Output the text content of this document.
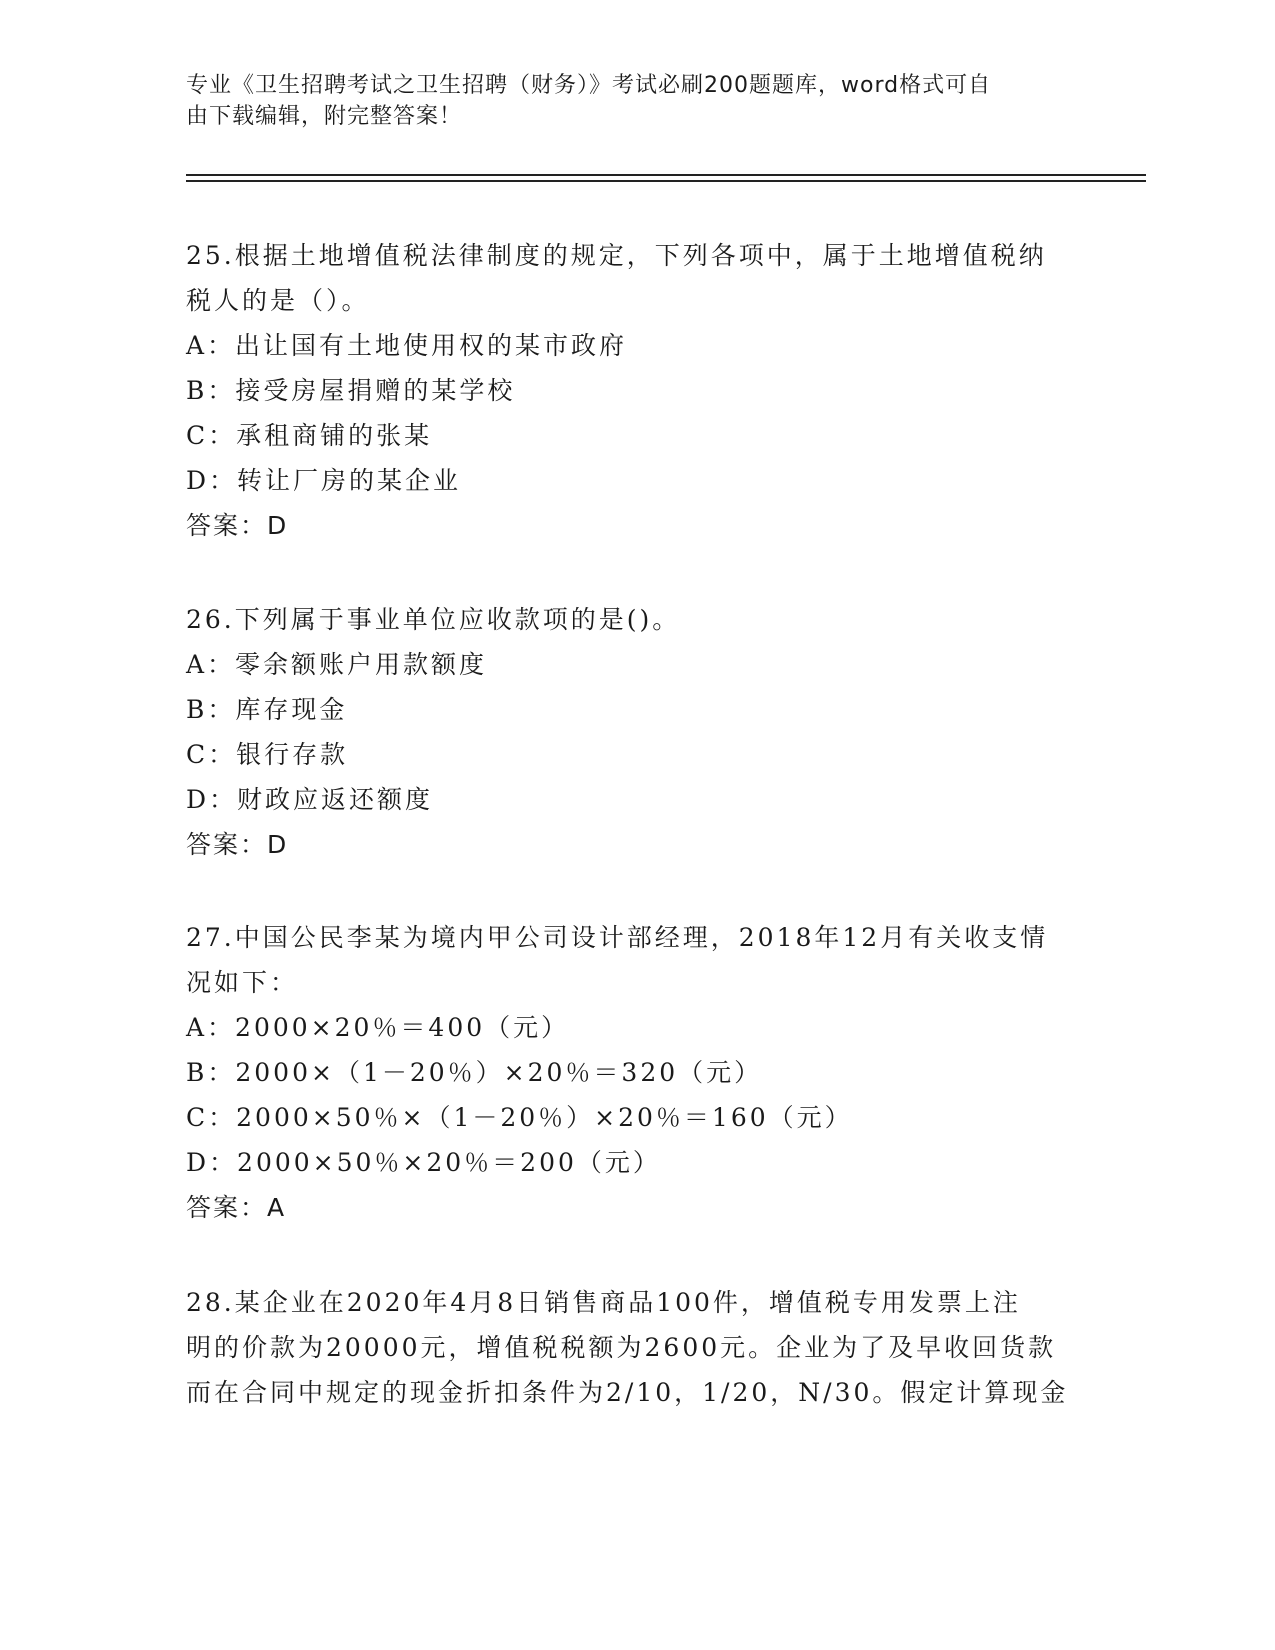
专业《卫生招聘考试之卫生招聘（财务）》考试必刷200题题库，word格式可自
由下载编辑，附完整答案！
25.根据土地增值税法律制度的规定，下列各项中，属于土地增值税纳
税人的是（）。
A：出让国有土地使用权的某市政府
B：接受房屋捐赠的某学校
C：承租商铺的张某
D：转让厂房的某企业
答案：D
26.下列属于事业单位应收款项的是()。
A：零余额账户用款额度
B：库存现金
C：银行存款
D：财政应返还额度
答案：D
27.中国公民李某为境内甲公司设计部经理，2018年12月有关收支情
况如下：
A：2000×20％＝400（元）
B：2000×（1－20％）×20％＝320（元）
C：2000×50％×（1－20％）×20％＝160（元）
D：2000×50％×20％＝200（元）
答案：A
28.某企业在2020年4月8日销售商品100件，增值税专用发票上注
明的价款为20000元，增值税税额为2600元。企业为了及早收回货款
而在合同中规定的现金折扣条件为2/10，1/20，N/30。假定计算现金
